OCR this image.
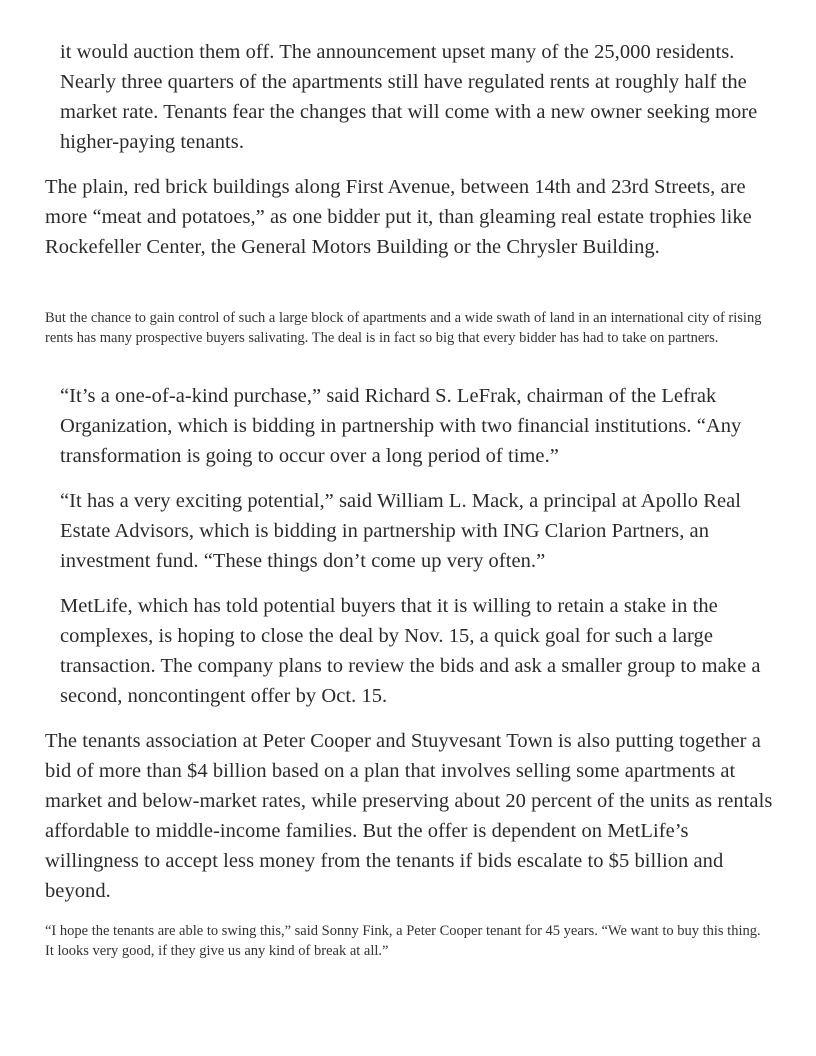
it would auction them off. The announcement upset many of the 25,000 residents. Nearly three quarters of the apartments still have regulated rents at roughly half the market rate. Tenants fear the changes that will come with a new owner seeking more higher-paying tenants.

The plain, red brick buildings along First Avenue, between 14th and 23rd Streets, are more “meat and potatoes,” as one bidder put it, than gleaming real estate trophies like Rockefeller Center, the General Motors Building or the Chrysler Building.

But the chance to gain control of such a large block of apartments and a wide swath of land in an international city of rising rents has many prospective buyers salivating. The deal is in fact so big that every bidder has had to take on partners.

“It’s a one-of-a-kind purchase,” said Richard S. LeFrak, chairman of the Lefrak Organization, which is bidding in partnership with two financial institutions. “Any transformation is going to occur over a long period of time.”

“It has a very exciting potential,” said William L. Mack, a principal at Apollo Real Estate Advisors, which is bidding in partnership with ING Clarion Partners, an investment fund. “These things don’t come up very often.”

MetLife, which has told potential buyers that it is willing to retain a stake in the complexes, is hoping to close the deal by Nov. 15, a quick goal for such a large transaction. The company plans to review the bids and ask a smaller group to make a second, noncontingent offer by Oct. 15.

The tenants association at Peter Cooper and Stuyvesant Town is also putting together a bid of more than $4 billion based on a plan that involves selling some apartments at market and below-market rates, while preserving about 20 percent of the units as rentals affordable to middle-income families. But the offer is dependent on MetLife’s willingness to accept less money from the tenants if bids escalate to $5 billion and beyond.

“I hope the tenants are able to swing this,” said Sonny Fink, a Peter Cooper tenant for 45 years. “We want to buy this thing. It looks very good, if they give us any kind of break at all.”
